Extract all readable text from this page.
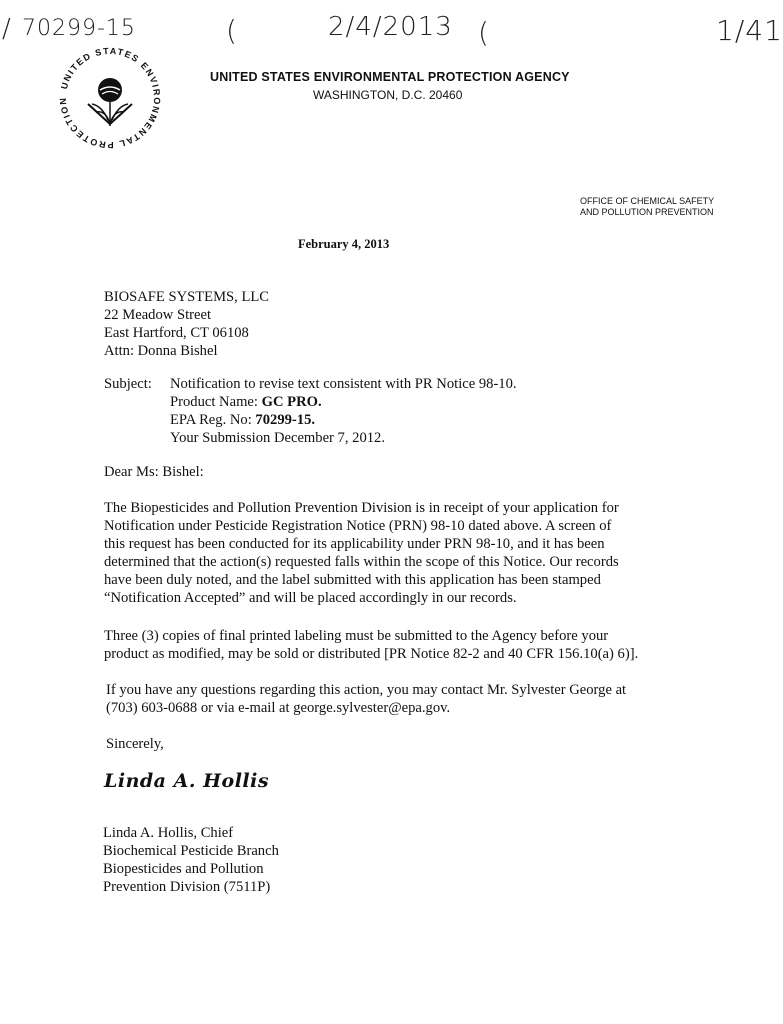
/ 70299-15	(	2/4/2013 (	1/41
UNITED STATES ENVIRONMENTAL PROTECTION
UNITED STATES ENVIRONMENTAL PROTECTION AGENCY
WASHINGTON, D.C. 20460
OFFICE OF CHEMICAL SAFETY
AND POLLUTION PREVENTION
February 4, 2013
BIOSAFE SYSTEMS, LLC
22 Meadow Street
East Hartford, CT 06108
Attn: Donna Bishel
Subject: Notification to revise text consistent with PR Notice 98-10.
Product Name: GC PRO.
EPA Reg. No: 70299-15.
Your Submission December 7, 2012.
Dear Ms: Bishel:
The Biopesticides and Pollution Prevention Division is in receipt of your application for
Notification under Pesticide Registration Notice (PRN) 98-10 dated above. A screen of
this request has been conducted for its applicability under PRN 98-10, and it has been
determined that the action(s) requested falls within the scope of this Notice. Our records
have been duly noted, and the label submitted with this application has been stamped
“Notification Accepted” and will be placed accordingly in our records.
Three (3) copies of final printed labeling must be submitted to the Agency before your
product as modified, may be sold or distributed [PR Notice 82-2 and 40 CFR 156.10(a) 6)].
If you have any questions regarding this action, you may contact Mr. Sylvester George at
(703) 603-0688 or via e-mail at george.sylvester@epa.gov.
Sincerely,
Linda A. Hollis
Linda A. Hollis, Chief
Biochemical Pesticide Branch
Biopesticides and Pollution
Prevention Division (7511P)
